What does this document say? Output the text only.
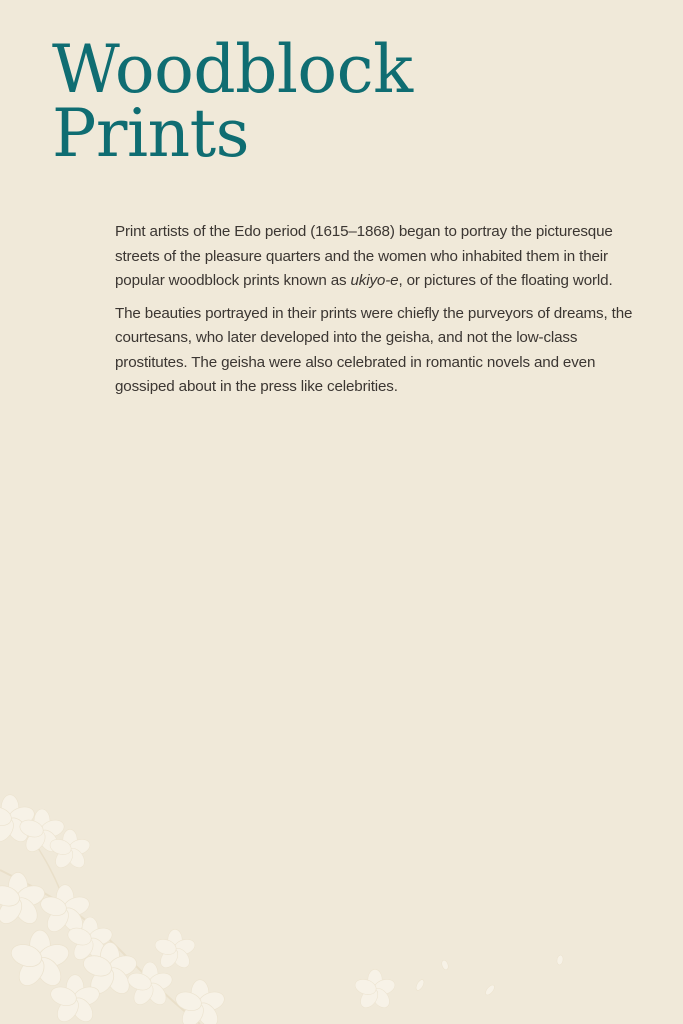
Woodblock
Prints

Print artists of the Edo period (1615–1868) began to portray the picturesque streets of the pleasure quarters and the women who inhabited them in their popular woodblock prints known as ukiyo-e, or pictures of the floating world.

The beauties portrayed in their prints were chiefly the purveyors of dreams, the courtesans, who later developed into the geisha, and not the low-class prostitutes. The geisha were also celebrated in romantic novels and even gossiped about in the press like celebrities.
